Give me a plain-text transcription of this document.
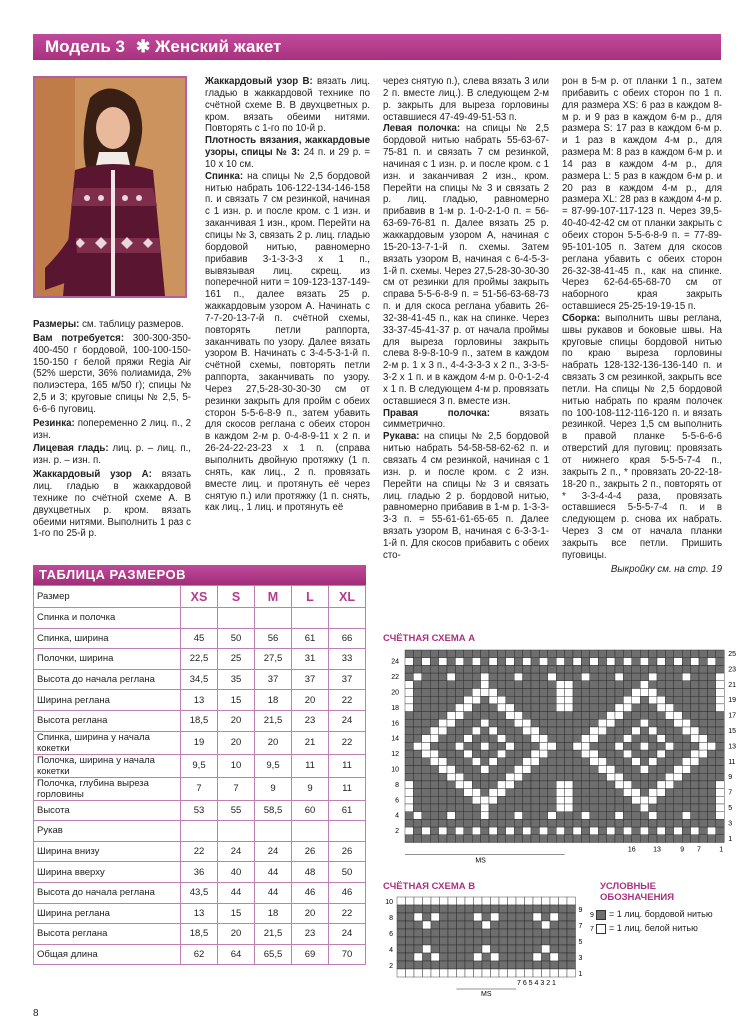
Модель 3 ✱ Женский жакет

Размеры: см. таблицу размеров.

Вам потребуется: 300-300-350-400-450 г бордовой, 100-100-150-150-150 г белой пряжи Regia Air (52% шерсти, 36% полиамида, 2% полиэстера, 165 м/50 г); спицы № 2,5 и 3; круговые спицы № 2,5, 5-6-6-6 пуговиц.

Резинка: попеременно 2 лиц. п., 2 изн.

Лицевая гладь: лиц. р. – лиц. п., изн. р. – изн. п.

Жаккардовый узор А: вязать лиц. гладью в жаккардовой технике по счётной схеме А. В двухцветных р. кром. вязать обеими нитями. Выполнить 1 раз с 1-го по 25-й р.

Жаккардовый узор В: вязать лиц. гладью в жаккардовой технике по счётной схеме В. В двухцветных р. кром. вязать обеими нитями. Повторять с 1-го по 10-й р.

Плотность вязания, жаккардовые узоры, спицы № 3: 24 п. и 29 р. = 10 х 10 см.

Спинка: на спицы № 2,5 бордовой нитью набрать 106-122-134-146-158 п. и связать 7 см резинкой, начиная с 1 изн. р. и после кром. с 1 изн. и заканчивая 1 изн., кром. Перейти на спицы № 3, связать 2 р. лиц. гладью бордовой нитью, равномерно прибавив 3-1-3-3-3 х 1 п., вывязывая лиц. скрещ. из поперечной нити = 109-123-137-149-161 п., далее вязать 25 р. жаккардовым узором А. Начинать с 7-7-20-13-7-й п. счётной схемы, повторять петли раппорта, заканчивать по узору. Далее вязать узором В. Начинать с 3-4-5-3-1-й п. счётной схемы, повторять петли раппорта, заканчивать по узору. Через 27,5-28-30-30-30 см от резинки закрыть для пройм с обеих сторон 5-5-6-8-9 п., затем убавить для скосов реглана с обеих сторон в каждом 2-м р. 0-4-8-9-11 х 2 п. и 26-24-22-23-23 х 1 п. (справа выполнить двойную протяжку (1 п. снять, как лиц., 2 п. провязать вместе лиц. и протянуть её через снятую п.) или протяжку (1 п. снять, как лиц., 1 лиц. и протянуть её

через снятую п.), слева вязать 3 или 2 п. вместе лиц.). В следующем 2-м р. закрыть для выреза горловины оставшиеся 47-49-49-51-53 п.

Левая полочка: на спицы № 2,5 бордовой нитью набрать 55-63-67-75-81 п. и связать 7 см резинкой, начиная с 1 изн. р. и после кром. с 1 изн. и заканчивая 2 изн., кром. Перейти на спицы № 3 и связать 2 р. лиц. гладью, равномерно прибавив в 1-м р. 1-0-2-1-0 п. = 56-63-69-76-81 п. Далее вязать 25 р. жаккардовым узором А, начиная с 15-20-13-7-1-й п. схемы. Затем вязать узором В, начиная с 6-4-5-3-1-й п. схемы. Через 27,5-28-30-30-30 см от резинки для проймы закрыть справа 5-5-6-8-9 п. = 51-56-63-68-73 п. и для скоса реглана убавить 26-32-38-41-45 п., как на спинке. Через 33-37-45-41-37 р. от начала проймы для выреза горловины закрыть слева 8-9-8-10-9 п., затем в каждом 2-м р. 1 х 3 п., 4-4-3-3-3 х 2 п., 3-3-5-3-2 х 1 п. и в каждом 4-м р. 0-0-1-2-4 х 1 п. В следующем 4-м р. провязать оставшиеся 3 п. вместе изн.

Правая полочка: вязать симметрично.

Рукава: на спицы № 2,5 бордовой нитью набрать 54-58-58-62-62 п. и связать 4 см резинкой, начиная с 1 изн. р. и после кром. с 2 изн. Перейти на спицы № 3 и связать лиц. гладью 2 р. бордовой нитью, равномерно прибавив в 1-м р. 1-3-3-3-3 п. = 55-61-61-65-65 п. Далее вязать узором В, начиная с 6-3-3-1-1-й п. Для скосов прибавить с обеих сто-

рон в 5-м р. от планки 1 п., затем прибавить с обеих сторон по 1 п. для размера XS: 6 раз в каждом 8-м р. и 9 раз в каждом 6-м р., для размера S: 17 раз в каждом 6-м р. и 1 раз в каждом 4-м р., для размера M: 8 раз в каждом 6-м р. и 14 раз в каждом 4-м р., для размера L: 5 раз в каждом 6-м р. и 20 раз в каждом 4-м р., для размера XL: 28 раз в каждом 4-м р. = 87-99-107-117-123 п. Через 39,5-40-40-42-42 см от планки закрыть с обеих сторон 5-5-6-8-9 п. = 77-89-95-101-105 п. Затем для скосов реглана убавить с обеих сторон 26-32-38-41-45 п., как на спинке. Через 62-64-65-68-70 см от наборного края закрыть оставшиеся 25-25-19-19-15 п.

Сборка: выполнить швы реглана, швы рукавов и боковые швы. На круговые спицы бордовой нитью по краю выреза горловины набрать 128-132-136-136-140 п. и связать 3 см резинкой, закрыть все петли. На спицы № 2,5 бордовой нитью набрать по краям полочек по 100-108-112-116-120 п. и вязать резинкой. Через 1,5 см выполнить в правой планке 5-5-6-6-6 отверстий для пуговиц: провязать от нижнего края 5-5-5-7-4 п., закрыть 2 п., * провязать 20-22-18-18-20 п., закрыть 2 п., повторять от * 3-3-4-4-4 раза, провязать оставшиеся 5-5-5-7-4 п. и в следующем р. снова их набрать. Через 3 см от начала планки закрыть все петли. Пришить пуговицы.

Выкройку см. на стр. 19

ТАБЛИЦА РАЗМЕРОВ
Размер	XS	S	M	L	XL
Спинка и полочка					
Спинка, ширина	45	50	56	61	66
Полочки, ширина	22,5	25	27,5	31	33
Высота до начала реглана	34,5	35	37	37	37
Ширина реглана	13	15	18	20	22
Высота реглана	18,5	20	21,5	23	24
Спинка, ширина у начала кокетки	19	20	20	21	22
Полочка, ширина у начала кокетки	9,5	10	9,5	11	11
Полочка, глубина выреза горловины	7	7	9	9	11
Высота	53	55	58,5	60	61
Рукав					
Ширина внизу	22	24	24	26	26
Ширина вверху	36	40	44	48	50
Высота до начала реглана	43,5	44	44	46	46
Ширина реглана	13	15	18	20	22
Высота реглана	18,5	20	21,5	23	24
Общая длина	62	64	65,5	69	70
СЧЁТНАЯ СХЕМА А
24
22
20
18
16
14
12
10
8
6
4
2
25
23
21
19
17
15
13
11
9
7
5
3
1
16 13	9 7	1
MS
СЧЁТНАЯ СХЕМА В
10
8
6
4
2
9
7
5
3
1
7 6 5 4 3 2 1
MS
УСЛОВНЫЕ
ОБОЗНАЧЕНИЯ
9 = 1 лиц. бордовой нитью
7 = 1 лиц. белой нитью
8
